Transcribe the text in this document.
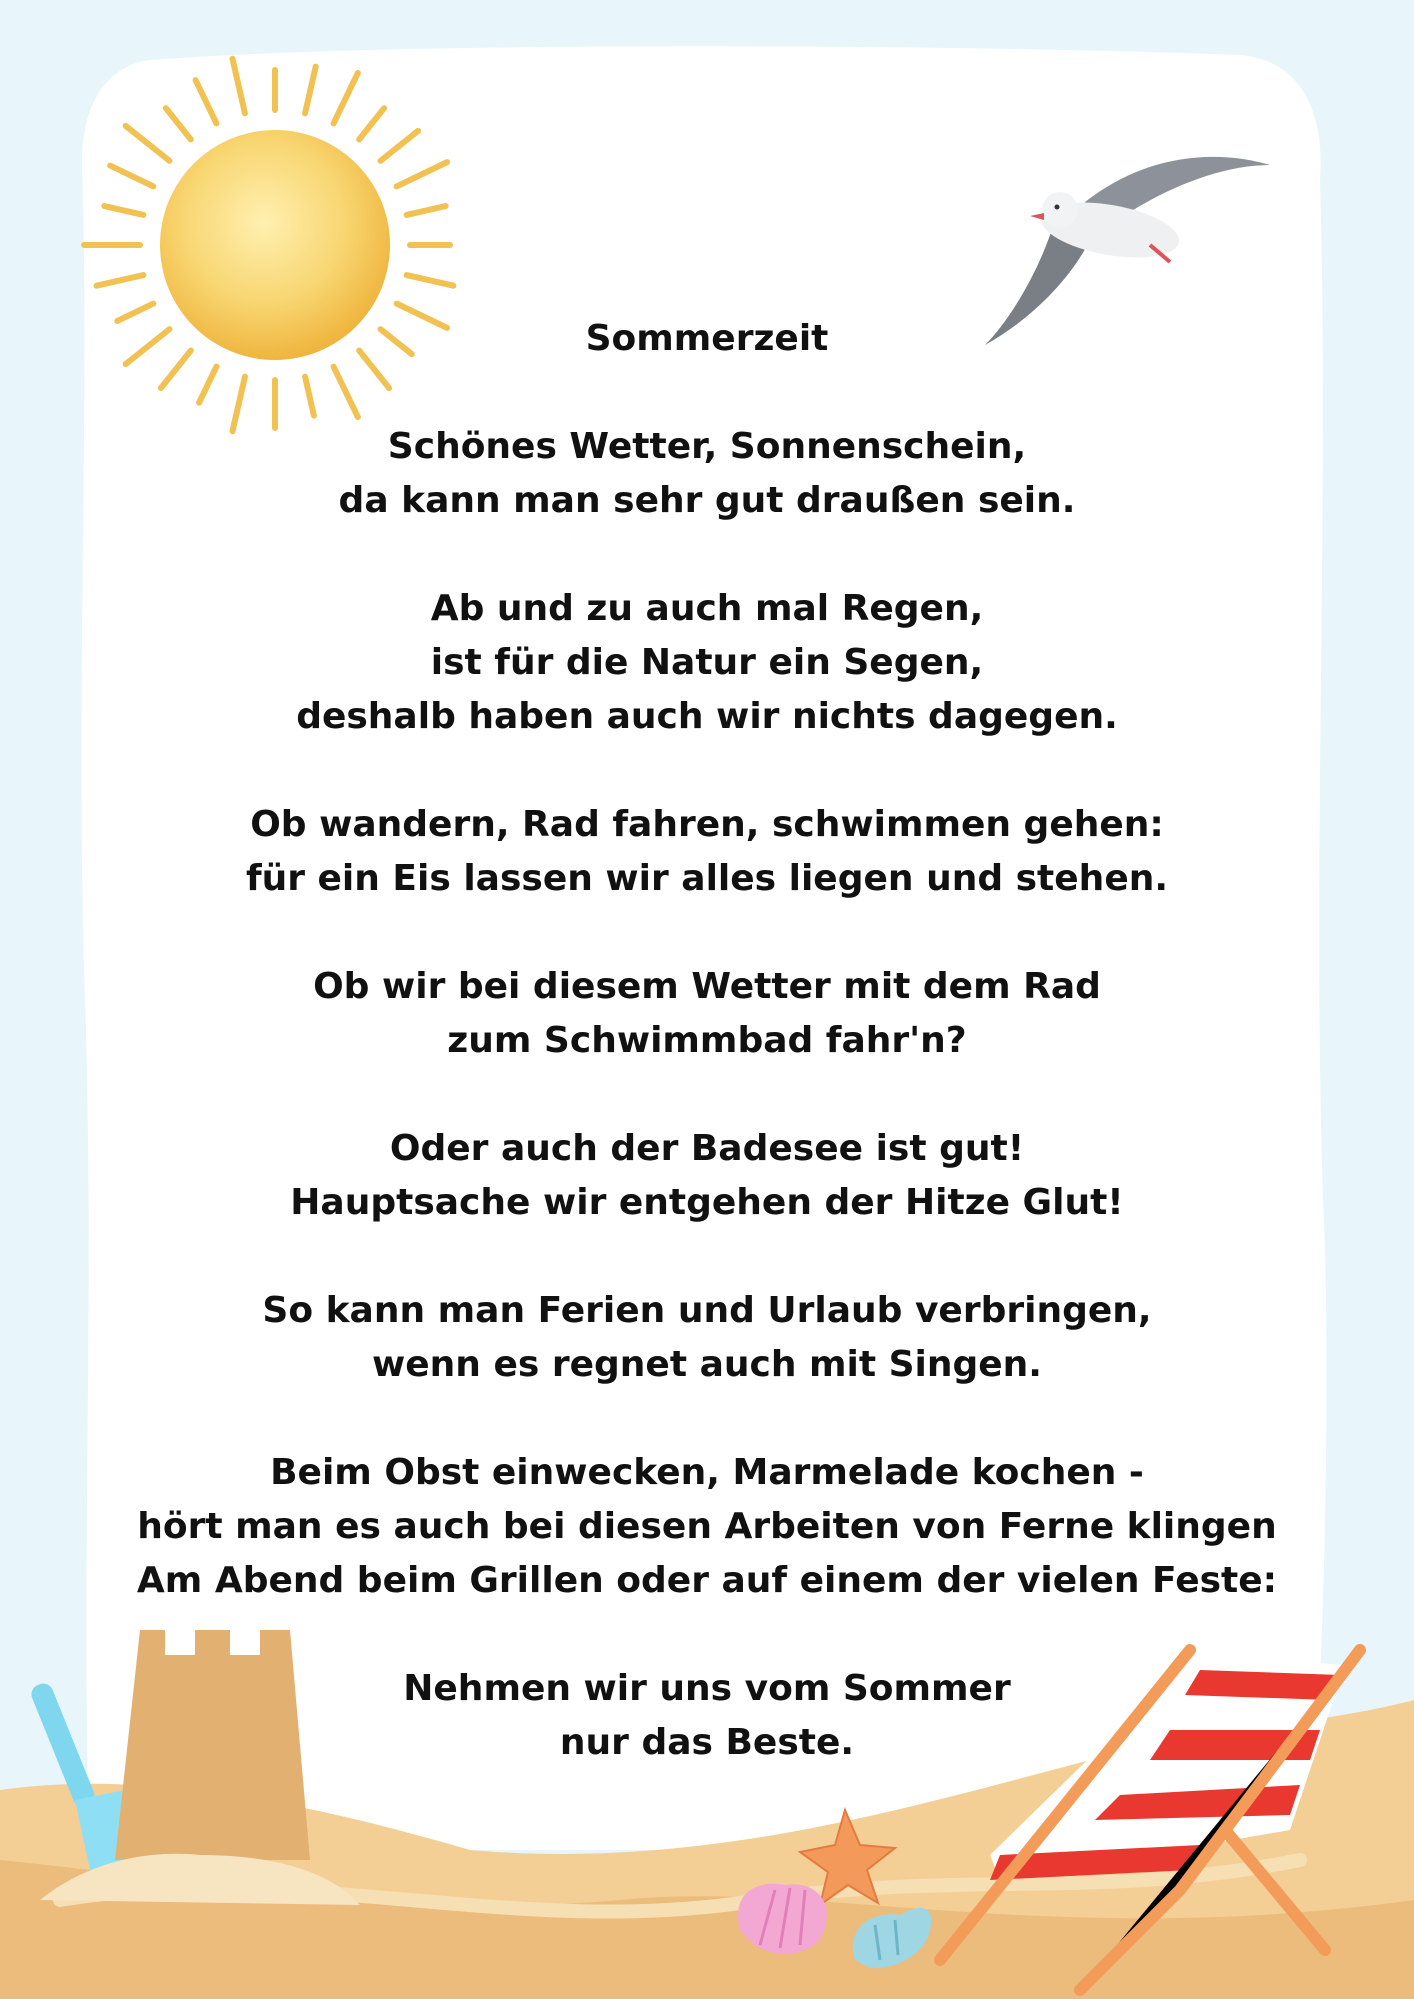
Sommerzeit
Schönes Wetter, Sonnenschein,
da kann man sehr gut draußen sein.
Ab und zu auch mal Regen,
ist für die Natur ein Segen,
deshalb haben auch wir nichts dagegen.
Ob wandern, Rad fahren, schwimmen gehen:
für ein Eis lassen wir alles liegen und stehen.
Ob wir bei diesem Wetter mit dem Rad
zum Schwimmbad fahr'n?
Oder auch der Badesee ist gut!
Hauptsache wir entgehen der Hitze Glut!
So kann man Ferien und Urlaub verbringen,
wenn es regnet auch mit Singen.
Beim Obst einwecken, Marmelade kochen -
hört man es auch bei diesen Arbeiten von Ferne klingen
Am Abend beim Grillen oder auf einem der vielen Feste:
Nehmen wir uns vom Sommer
nur das Beste.
